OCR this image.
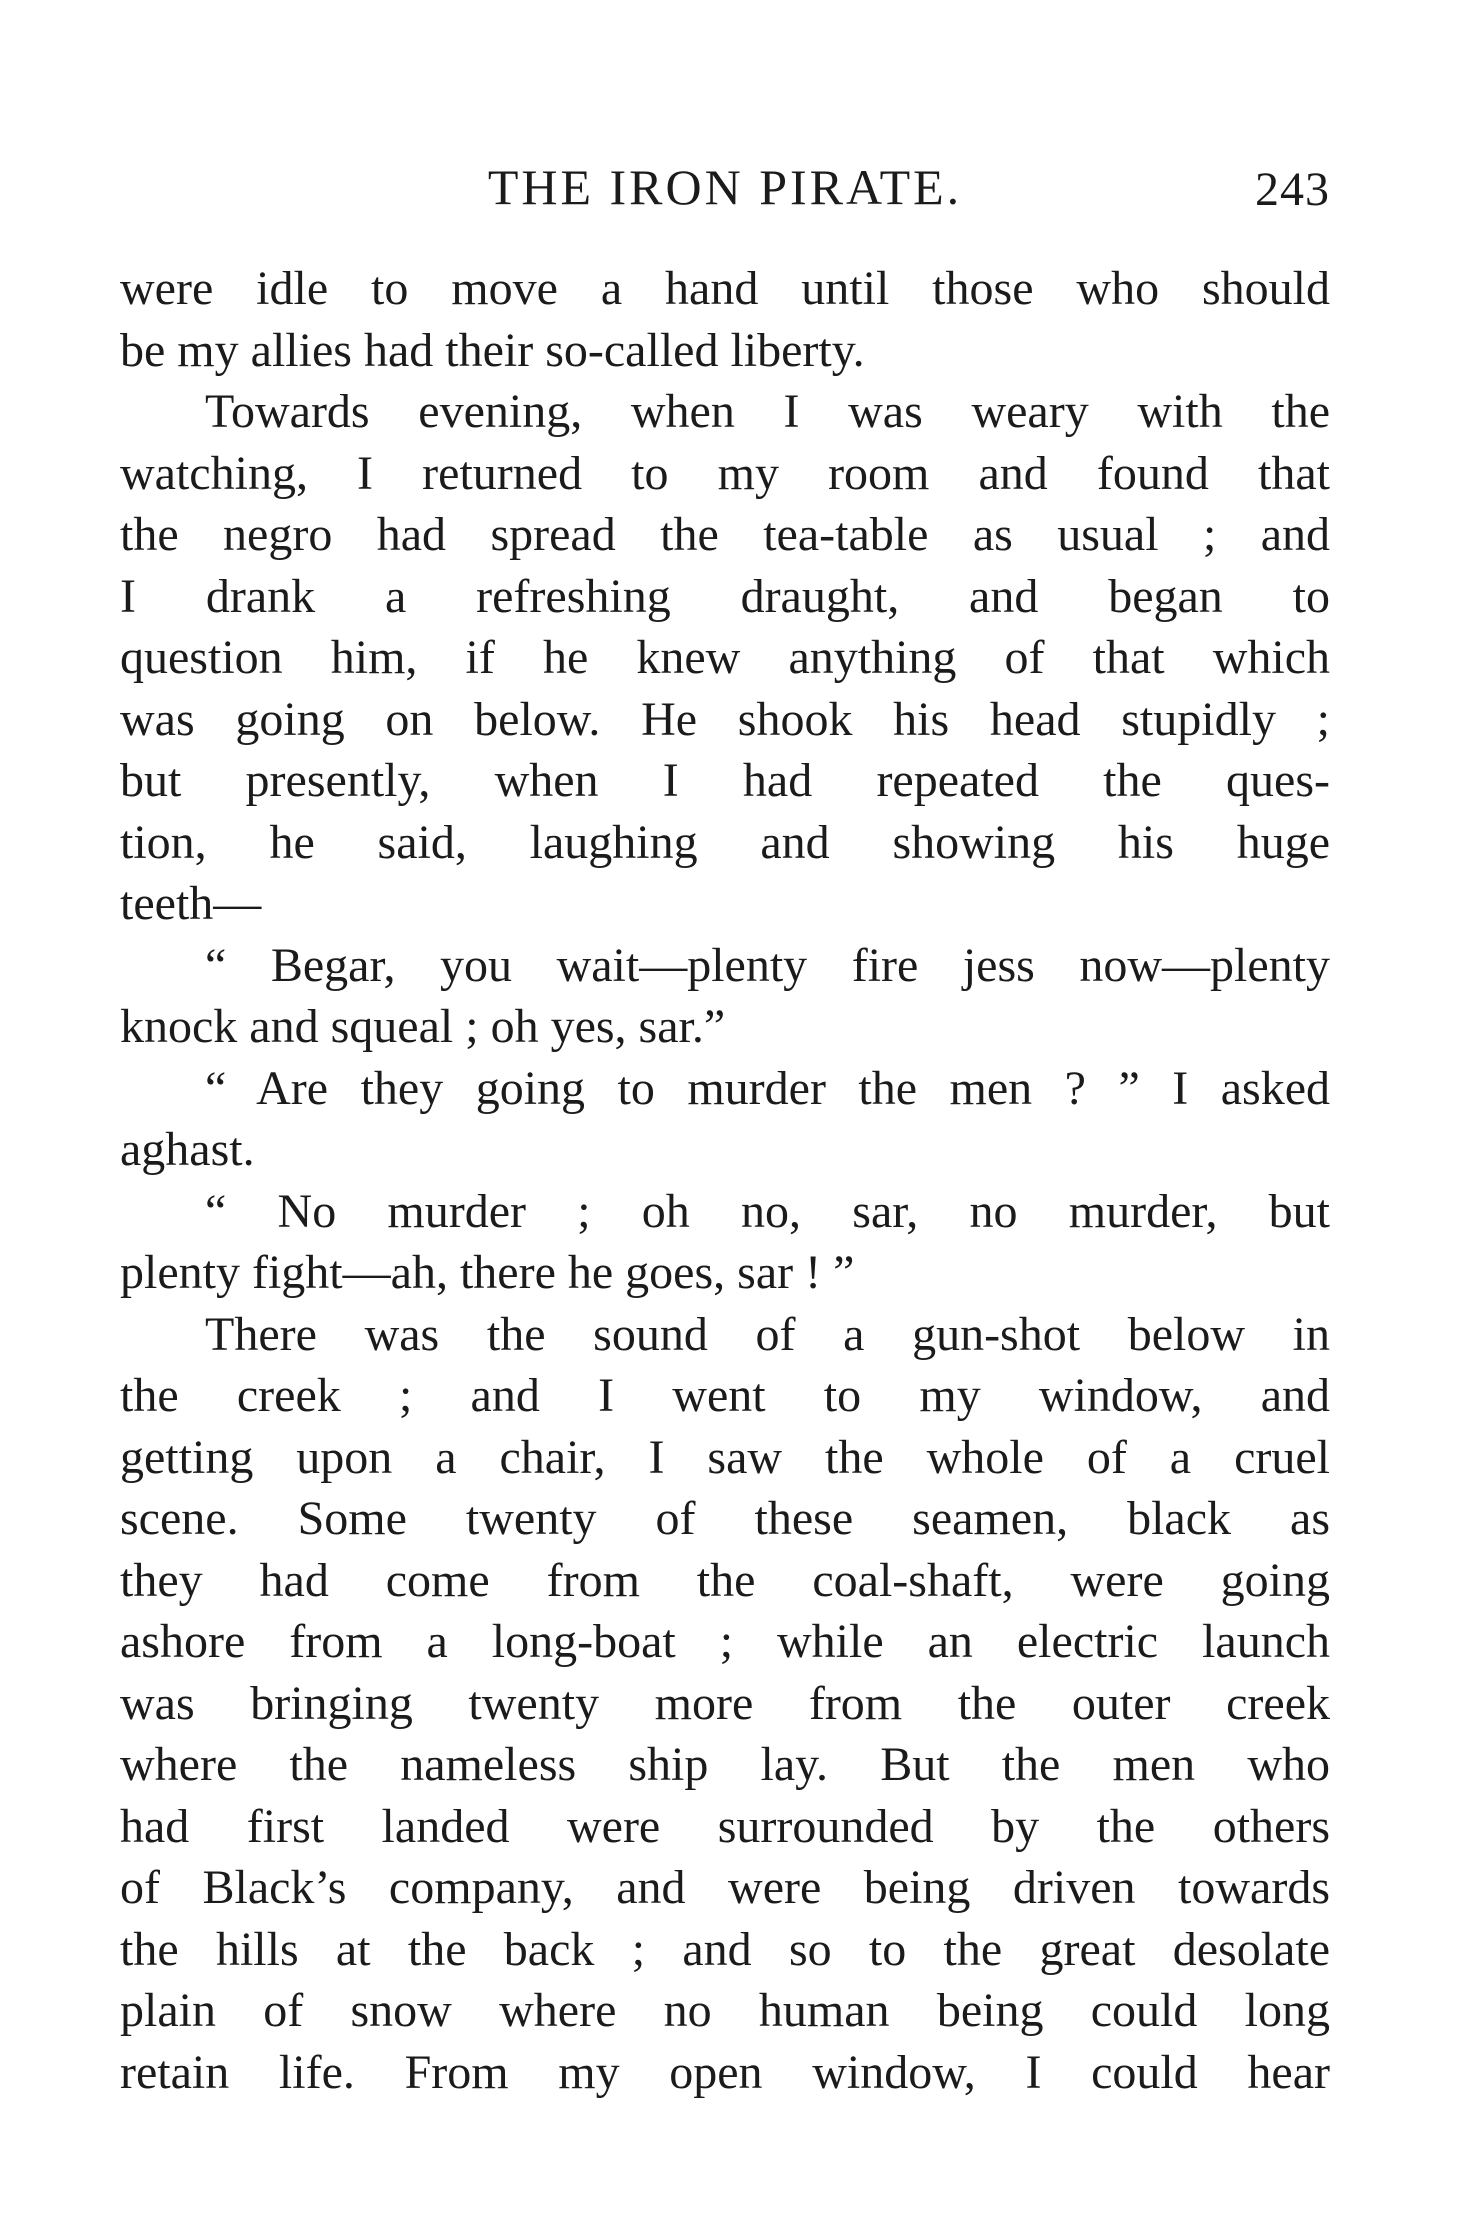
THE IRON PIRATE.	243
were idle to move a hand until those who should
be my allies had their so-called liberty.
Towards evening, when I was weary with the
watching, I returned to my room and found that
the negro had spread the tea-table as usual ; and
I drank a refreshing draught, and began to
question him, if he knew anything of that which
was going on below. He shook his head stupidly ;
but presently, when I had repeated the ques-
tion, he said, laughing and showing his huge
teeth—
“ Begar, you wait—plenty fire jess now—plenty
knock and squeal ; oh yes, sar.”
“ Are they going to murder the men ? ” I asked
aghast.
“ No murder ; oh no, sar, no murder, but
plenty fight—ah, there he goes, sar ! ”
There was the sound of a gun-shot below in
the creek ; and I went to my window, and
getting upon a chair, I saw the whole of a cruel
scene. Some twenty of these seamen, black as
they had come from the coal-shaft, were going
ashore from a long-boat ; while an electric launch
was bringing twenty more from the outer creek
where the nameless ship lay. But the men who
had first landed were surrounded by the others
of Black’s company, and were being driven towards
the hills at the back ; and so to the great desolate
plain of snow where no human being could long
retain life. From my open window, I could hear
